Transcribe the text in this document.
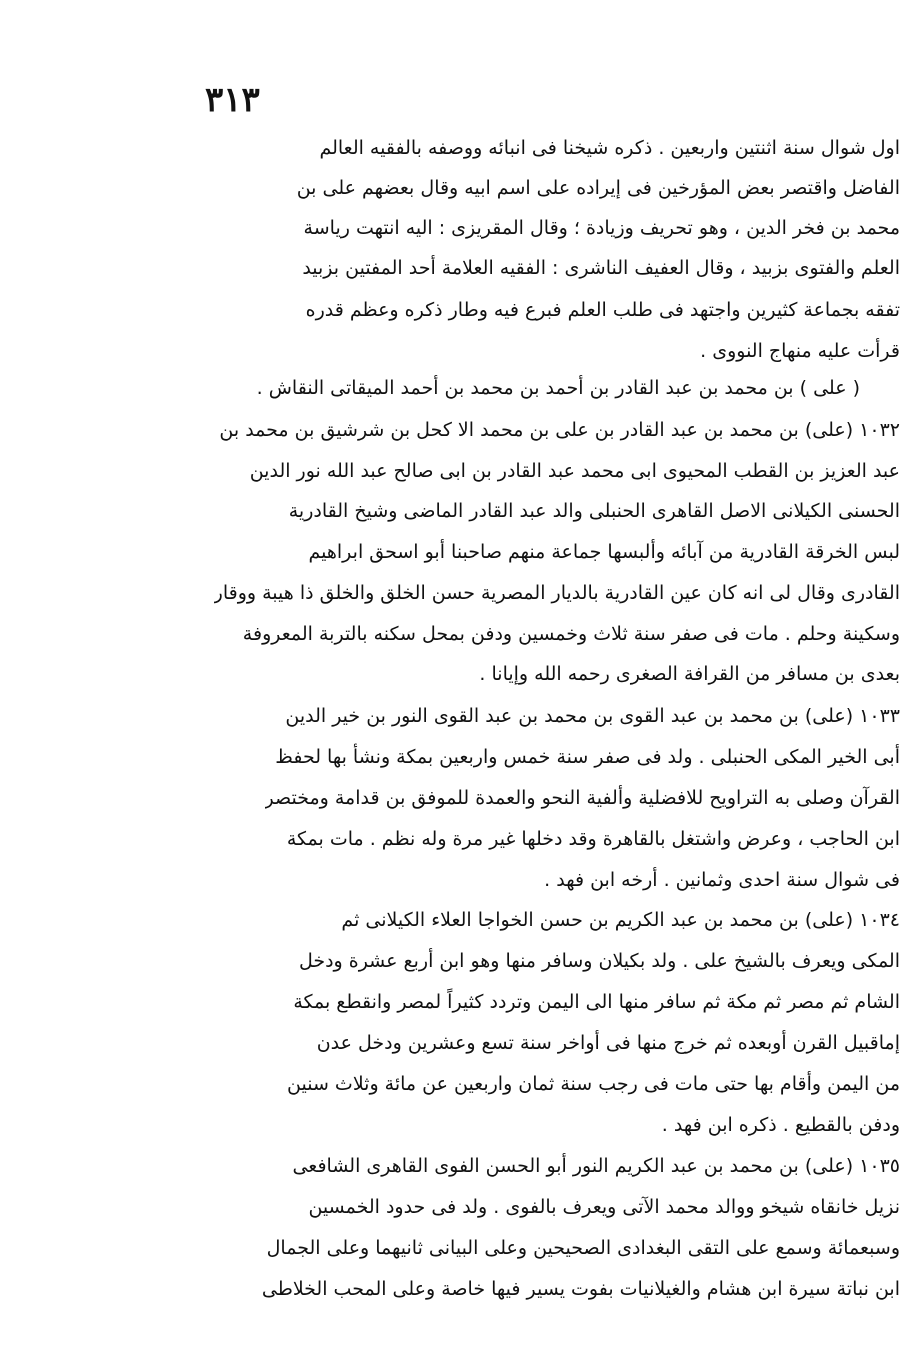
٣١٣
اول شوال سنة اثنتين واربعين . ذكره شيخنا فى انبائه ووصفه بالفقيه العالم
الفاضل واقتصر بعض المؤرخين فى إيراده على اسم ابيه وقال بعضهم على بن
محمد بن فخر الدين ، وهو تحريف وزيادة ؛ وقال المقريزى : اليه انتهت رياسة
العلم والفتوى بزبيد ، وقال العفيف الناشرى : الفقيه العلامة أحد المفتين بزبيد
تفقه بجماعة كثيرين واجتهد فى طلب العلم فبرع فيه وطار ذكره وعظم قدره
قرأت عليه منهاج النووى .
( على ) بن محمد بن عبد القادر بن أحمد بن محمد بن أحمد الميقاتى النقاش .
١٠٣٢ (على) بن محمد بن عبد القادر بن على بن محمد الا كحل بن شرشيق بن محمد بن
عبد العزيز بن القطب المحيوى ابى محمد عبد القادر بن ابى صالح عبد الله نور الدين
الحسنى الكيلانى الاصل القاهرى الحنبلى والد عبد القادر الماضى وشيخ القادرية
لبس الخرقة القادرية من آبائه وألبسها جماعة منهم صاحبنا أبو اسحق ابراهيم
القادرى وقال لى انه كان عين القادرية بالديار المصرية حسن الخلق والخلق ذا هيبة ووقار
وسكينة وحلم . مات فى صفر سنة ثلاث وخمسين ودفن بمحل سكنه بالتربة المعروفة
بعدى بن مسافر من القرافة الصغرى رحمه الله وإيانا .
١٠٣٣ (على) بن محمد بن عبد القوى بن محمد بن عبد القوى النور بن خير الدين
أبى الخير المكى الحنبلى . ولد فى صفر سنة خمس واربعين بمكة ونشأ بها لحفظ
القرآن وصلى به التراويح للافضلية وألفية النحو والعمدة للموفق بن قدامة ومختصر
ابن الحاجب ، وعرض واشتغل بالقاهرة وقد دخلها غير مرة وله نظم . مات بمكة
فى شوال سنة احدى وثمانين . أرخه ابن فهد .
١٠٣٤ (على) بن محمد بن عبد الكريم بن حسن الخواجا العلاء الكيلانى ثم
المكى ويعرف بالشيخ على . ولد بكيلان وسافر منها وهو ابن أربع عشرة ودخل
الشام ثم مصر ثم مكة ثم سافر منها الى اليمن وتردد كثيراً لمصر وانقطع بمكة
إماقبيل القرن أوبعده ثم خرج منها فى أواخر سنة تسع وعشرين ودخل عدن
من اليمن وأقام بها حتى مات فى رجب سنة ثمان واربعين عن مائة وثلاث سنين
ودفن بالقطيع . ذكره ابن فهد .
١٠٣٥ (على) بن محمد بن عبد الكريم النور أبو الحسن الفوى القاهرى الشافعى
نزيل خانقاه شيخو ووالد محمد الآتى ويعرف بالفوى . ولد فى حدود الخمسين
وسبعمائة وسمع على التقى البغدادى الصحيحين وعلى البيانى ثانيهما وعلى الجمال
ابن نباتة سيرة ابن هشام والغيلانيات بفوت يسير فيها خاصة وعلى المحب الخلاطى
